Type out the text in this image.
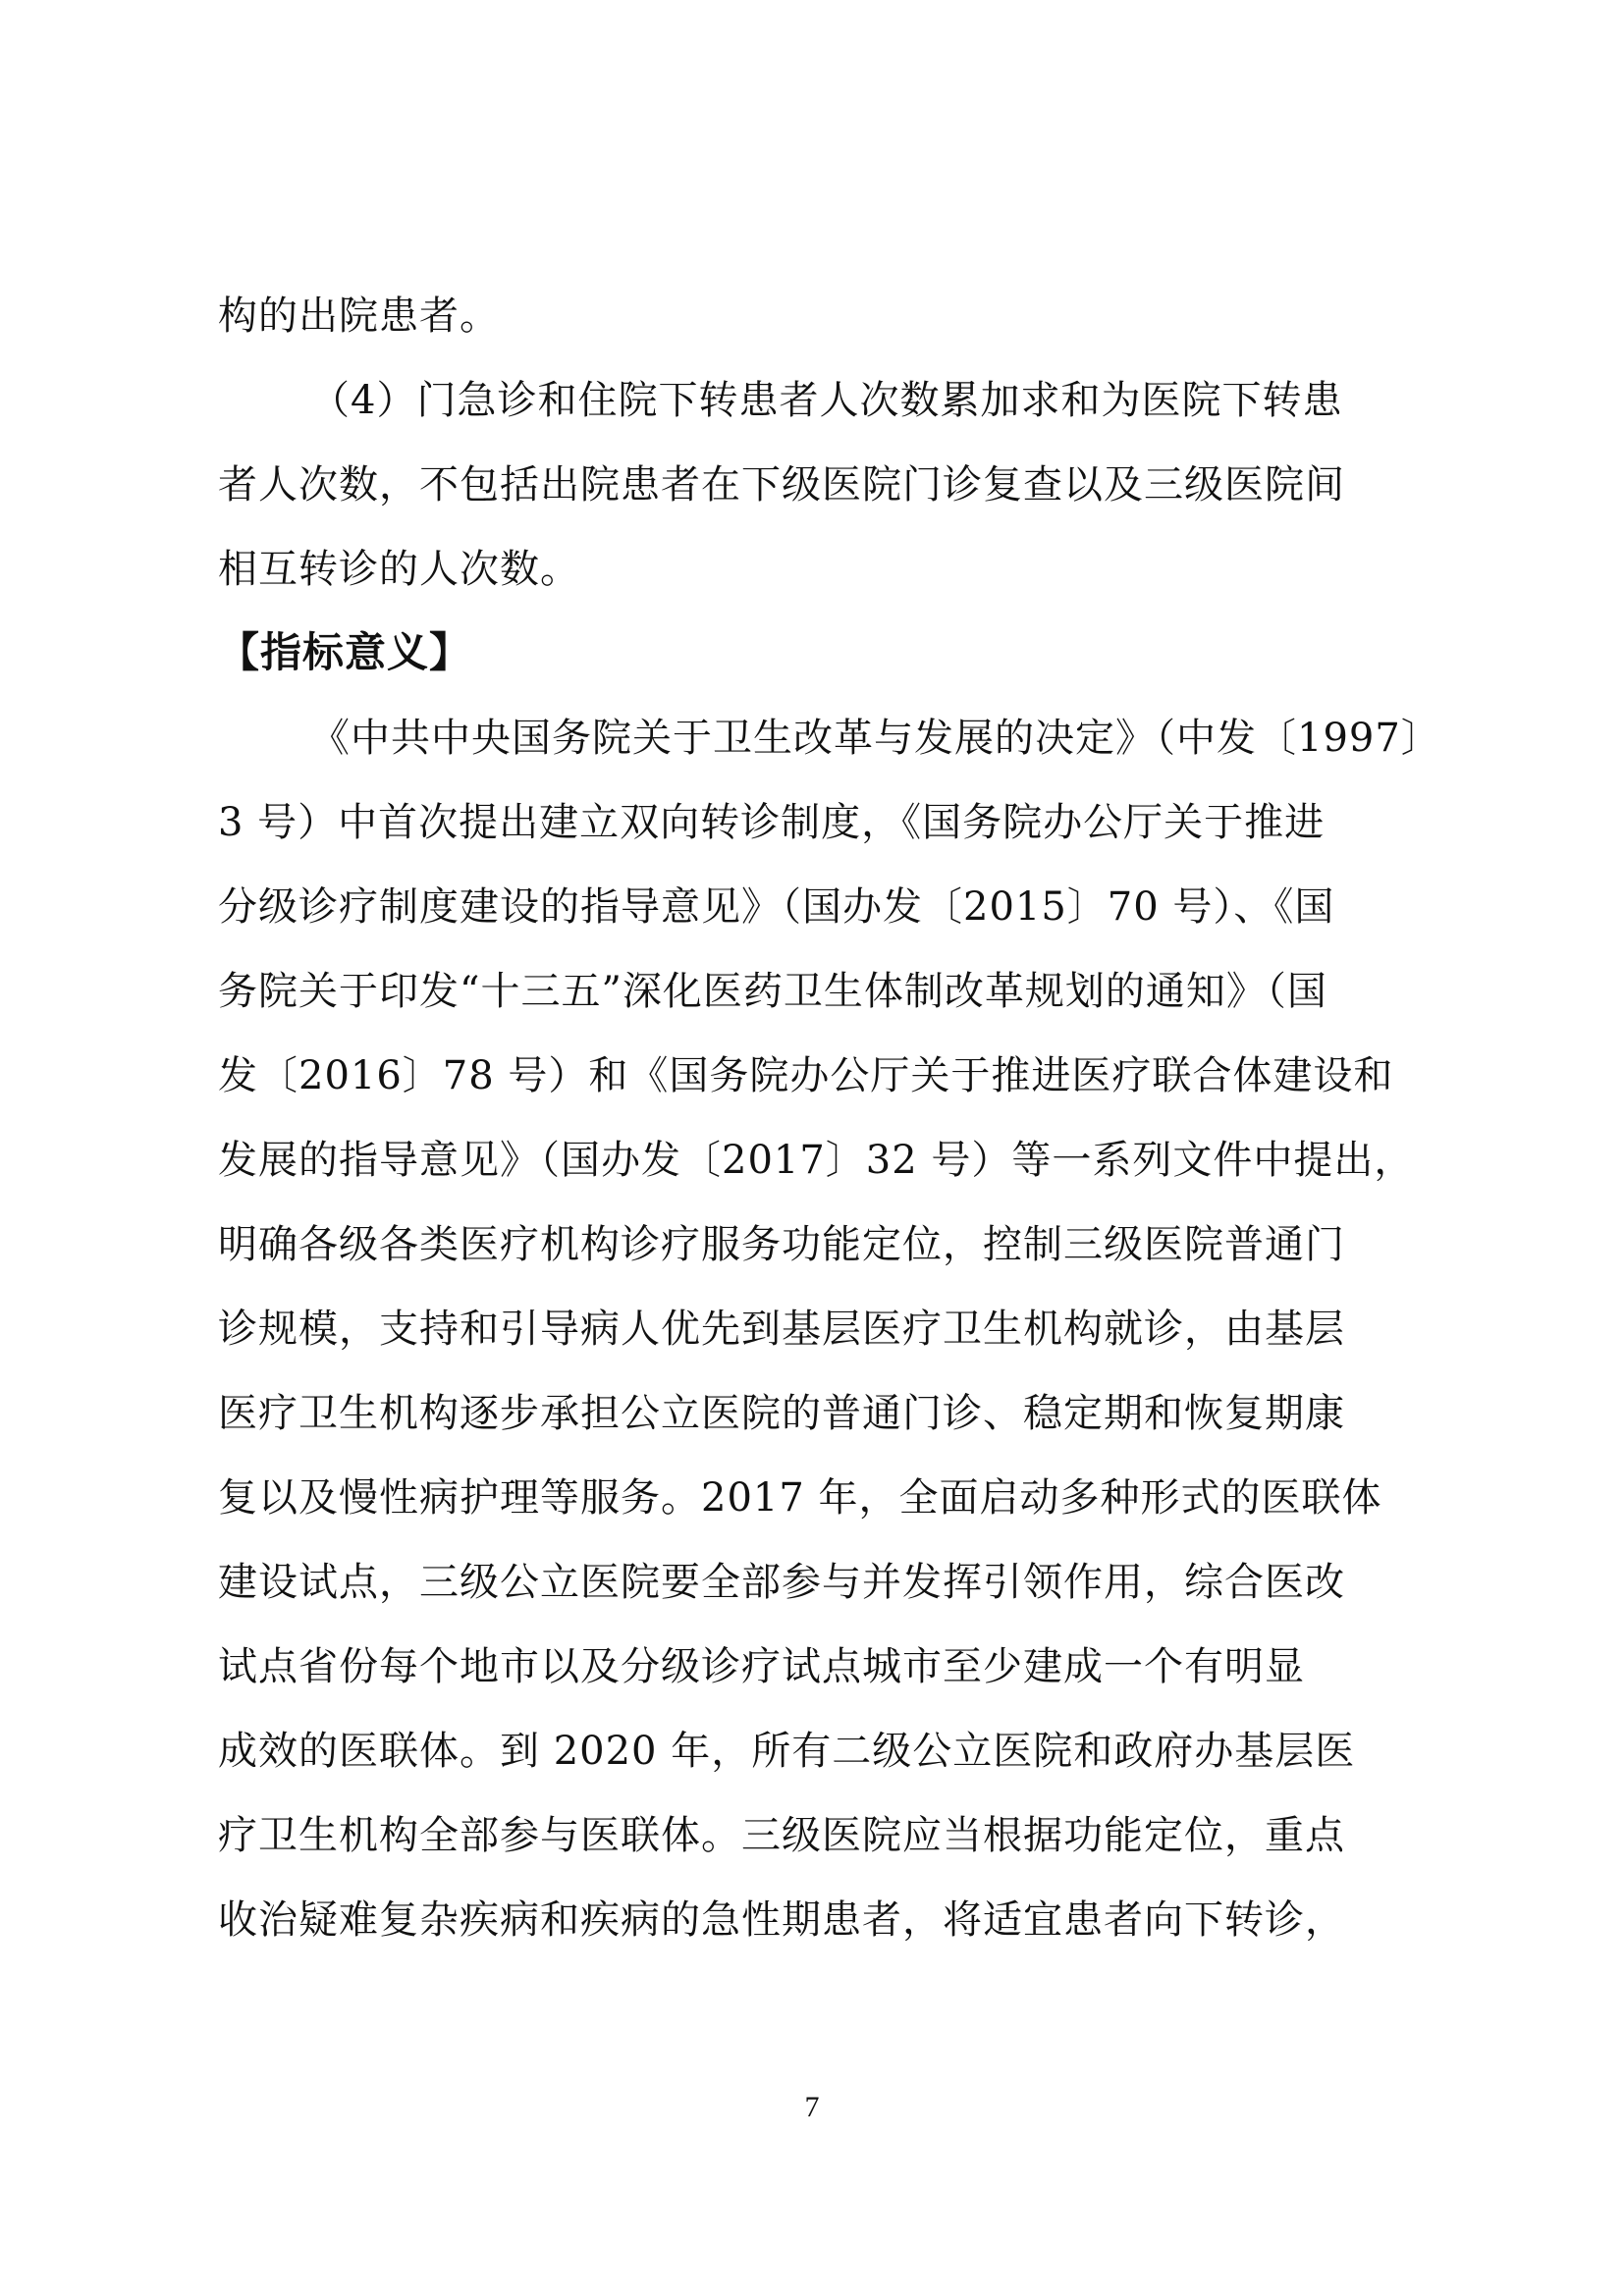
构的出院患者。
（4）门急诊和住院下转患者人次数累加求和为医院下转患
者人次数，不包括出院患者在下级医院门诊复查以及三级医院间
相互转诊的人次数。
【指标意义】
《中共中央国务院关于卫生改革与发展的决定》（中发〔1997〕
3 号）中首次提出建立双向转诊制度，《国务院办公厅关于推进
分级诊疗制度建设的指导意见》（国办发〔2015〕70 号）、《国
务院关于印发“十三五”深化医药卫生体制改革规划的通知》（国
发〔2016〕78 号）和《国务院办公厅关于推进医疗联合体建设和
发展的指导意见》（国办发〔2017〕32 号）等一系列文件中提出，
明确各级各类医疗机构诊疗服务功能定位，控制三级医院普通门
诊规模，支持和引导病人优先到基层医疗卫生机构就诊，由基层
医疗卫生机构逐步承担公立医院的普通门诊、稳定期和恢复期康
复以及慢性病护理等服务。2017 年，全面启动多种形式的医联体
建设试点，三级公立医院要全部参与并发挥引领作用，综合医改
试点省份每个地市以及分级诊疗试点城市至少建成一个有明显
成效的医联体。到 2020 年，所有二级公立医院和政府办基层医
疗卫生机构全部参与医联体。三级医院应当根据功能定位，重点
收治疑难复杂疾病和疾病的急性期患者，将适宜患者向下转诊，
7
